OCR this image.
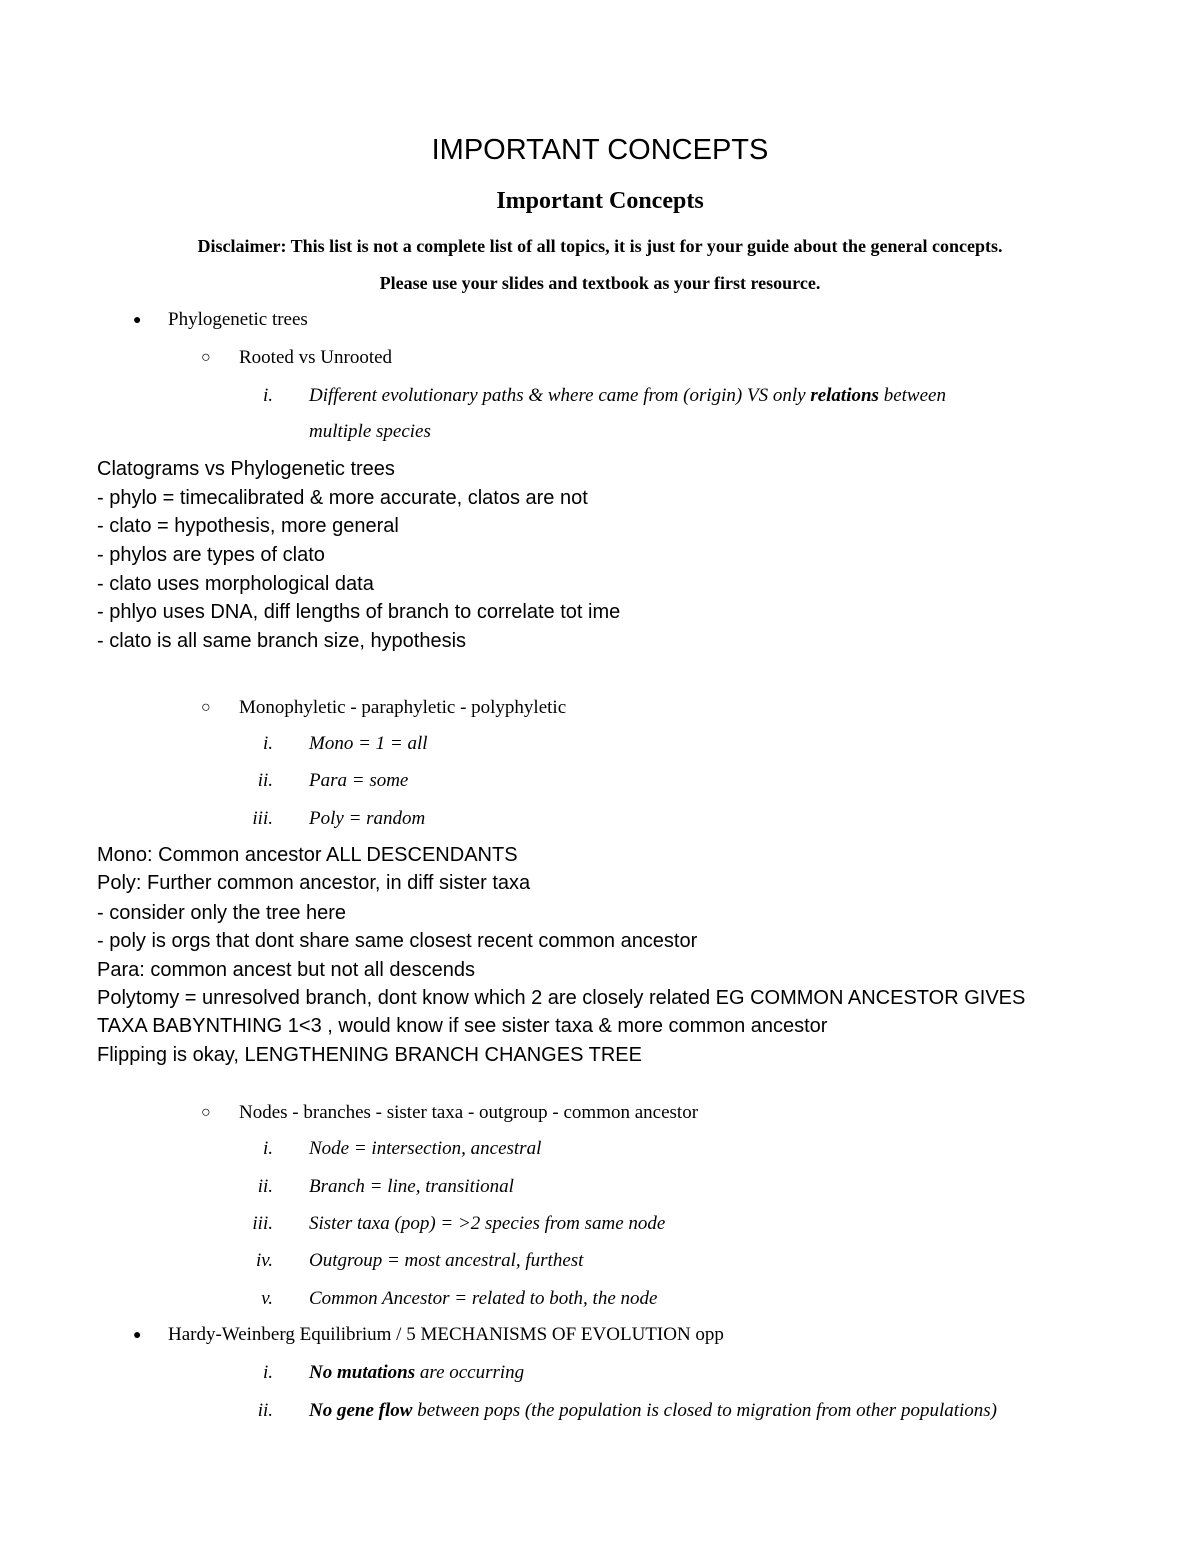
IMPORTANT CONCEPTS
Important Concepts
Disclaimer: This list is not a complete list of all topics, it is just for your guide about the general concepts.
Please use your slides and textbook as your first resource.
● Phylogenetic trees
○ Rooted vs Unrooted
i. Different evolutionary paths & where came from (origin) VS only relations between
multiple species
Clatograms vs Phylogenetic trees
- phylo = timecalibrated & more accurate, clatos are not
- clato = hypothesis, more general
- phylos are types of clato
- clato uses morphological data
- phlyo uses DNA, diff lengths of branch to correlate tot ime
- clato is all same branch size, hypothesis
○ Monophyletic - paraphyletic - polyphyletic
i. Mono = 1 = all
ii. Para = some
iii. Poly = random
Mono: Common ancestor ALL DESCENDANTS
Poly: Further common ancestor, in diff sister taxa
- consider only the tree here
- poly is orgs that dont share same closest recent common ancestor
Para: common ancest but not all descends
Polytomy = unresolved branch, dont know which 2 are closely related EG COMMON ANCESTOR GIVES
TAXA BABYNTHING 1<3 , would know if see sister taxa & more common ancestor
Flipping is okay, LENGTHENING BRANCH CHANGES TREE
○ Nodes - branches - sister taxa - outgroup - common ancestor
i. Node = intersection, ancestral
ii. Branch = line, transitional
iii. Sister taxa (pop) = >2 species from same node
iv. Outgroup = most ancestral, furthest
v. Common Ancestor = related to both, the node
● Hardy-Weinberg Equilibrium / 5 MECHANISMS OF EVOLUTION opp
i. No mutations are occurring
ii. No gene flow between pops (the population is closed to migration from other populations)
